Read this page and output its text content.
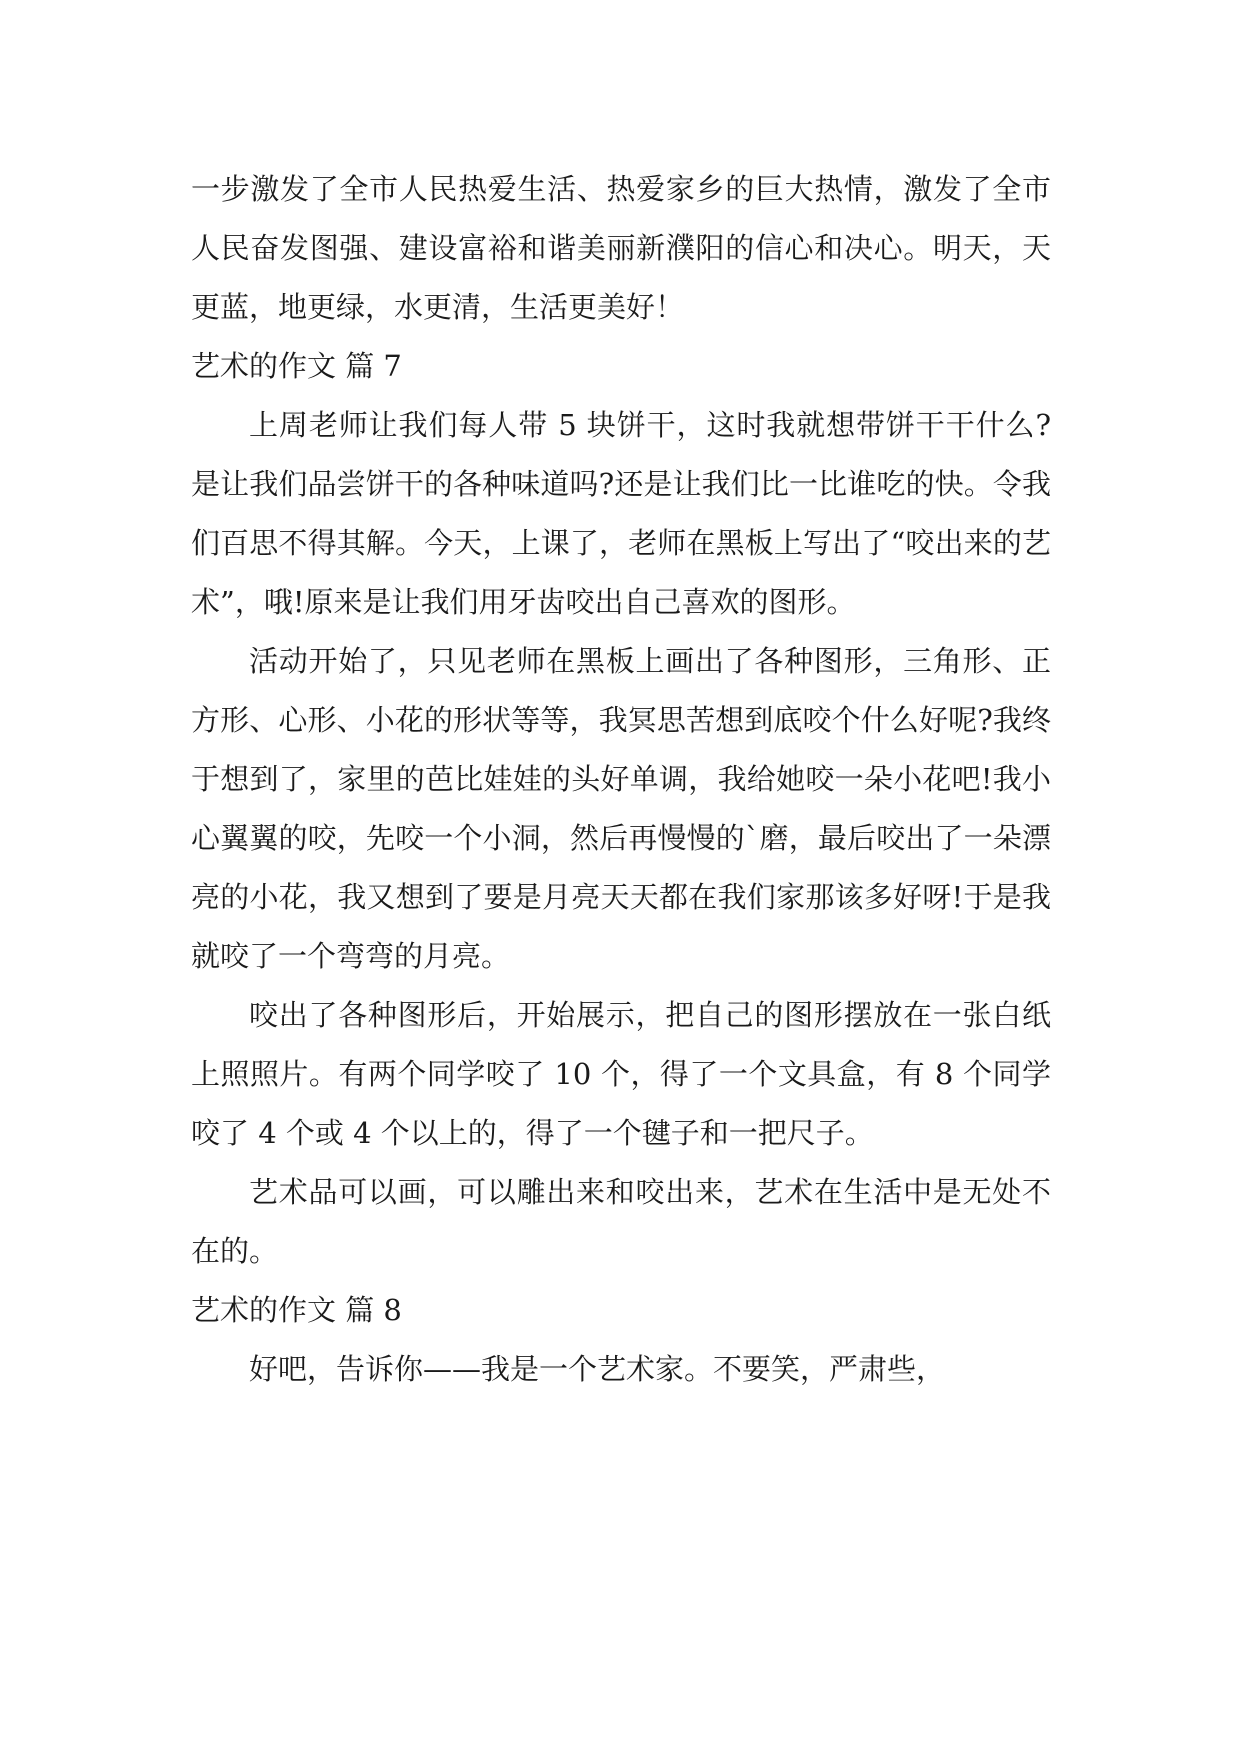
一步激发了全市人民热爱生活、热爱家乡的巨大热情，激发了全市人民奋发图强、建设富裕和谐美丽新濮阳的信心和决心。明天，天更蓝，地更绿，水更清，生活更美好！

艺术的作文 篇 7

上周老师让我们每人带 5 块饼干，这时我就想带饼干干什么?是让我们品尝饼干的各种味道吗?还是让我们比一比谁吃的快。令我们百思不得其解。今天，上课了，老师在黑板上写出了“咬出来的艺术”，哦!原来是让我们用牙齿咬出自己喜欢的图形。

活动开始了，只见老师在黑板上画出了各种图形，三角形、正方形、心形、小花的形状等等，我冥思苦想到底咬个什么好呢?我终于想到了，家里的芭比娃娃的头好单调，我给她咬一朵小花吧!我小心翼翼的咬，先咬一个小洞，然后再慢慢的`磨，最后咬出了一朵漂亮的小花，我又想到了要是月亮天天都在我们家那该多好呀!于是我就咬了一个弯弯的月亮。

咬出了各种图形后，开始展示，把自己的图形摆放在一张白纸上照照片。有两个同学咬了 10 个，得了一个文具盒，有 8 个同学咬了 4 个或 4 个以上的，得了一个毽子和一把尺子。

艺术品可以画，可以雕出来和咬出来，艺术在生活中是无处不在的。

艺术的作文 篇 8

好吧，告诉你——我是一个艺术家。不要笑，严肃些，
